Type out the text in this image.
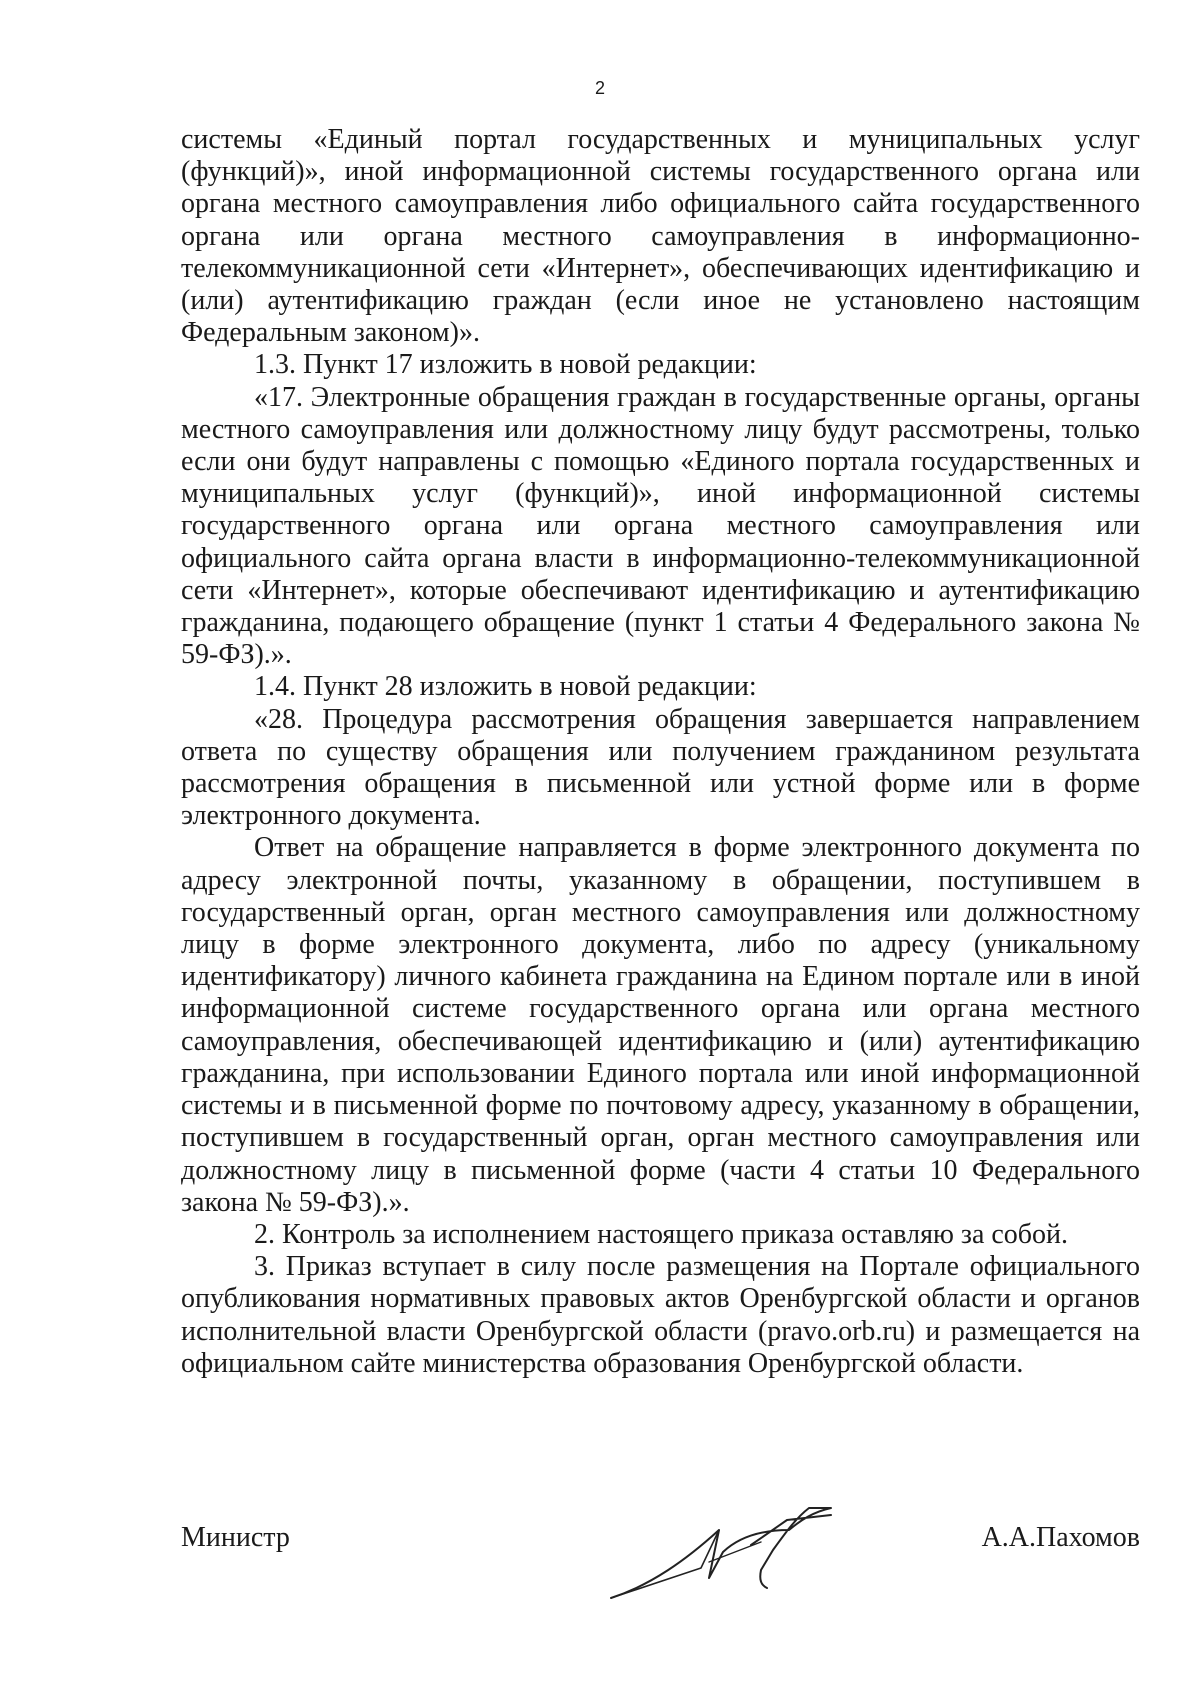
2

системы «Единый портал государственных и муниципальных услуг (функций)», иной информационной системы государственного органа или органа местного самоуправления либо официального сайта государственного органа или органа местного самоуправления в информационно-телекоммуникационной сети «Интернет», обеспечивающих идентификацию и (или) аутентификацию граждан (если иное не установлено настоящим Федеральным законом)».

1.3. Пункт 17 изложить в новой редакции:

«17. Электронные обращения граждан в государственные органы, органы местного самоуправления или должностному лицу будут рассмотрены, только если они будут направлены с помощью «Единого портала государственных и муниципальных услуг (функций)», иной информационной системы государственного органа или органа местного самоуправления или официального сайта органа власти в информационно-телекоммуникационной сети «Интернет», которые обеспечивают идентификацию и аутентификацию гражданина, подающего обращение (пункт 1 статьи 4 Федерального закона № 59-ФЗ).».

1.4. Пункт 28 изложить в новой редакции:

«28. Процедура рассмотрения обращения завершается направлением ответа по существу обращения или получением гражданином результата рассмотрения обращения в письменной или устной форме или в форме электронного документа.

Ответ на обращение направляется в форме электронного документа по адресу электронной почты, указанному в обращении, поступившем в государственный орган, орган местного самоуправления или должностному лицу в форме электронного документа, либо по адресу (уникальному идентификатору) личного кабинета гражданина на Едином портале или в иной информационной системе государственного органа или органа местного самоуправления, обеспечивающей идентификацию и (или) аутентификацию гражданина, при использовании Единого портала или иной информационной системы и в письменной форме по почтовому адресу, указанному в обращении, поступившем в государственный орган, орган местного самоуправления или должностному лицу в письменной форме (части 4 статьи 10 Федерального закона № 59-ФЗ).».

2. Контроль за исполнением настоящего приказа оставляю за собой.

3. Приказ вступает в силу после размещения на Портале официального опубликования нормативных правовых актов Оренбургской области и органов исполнительной власти Оренбургской области (pravo.orb.ru) и размещается на официальном сайте министерства образования Оренбургской области.

Министр	А.А.Пахомов
